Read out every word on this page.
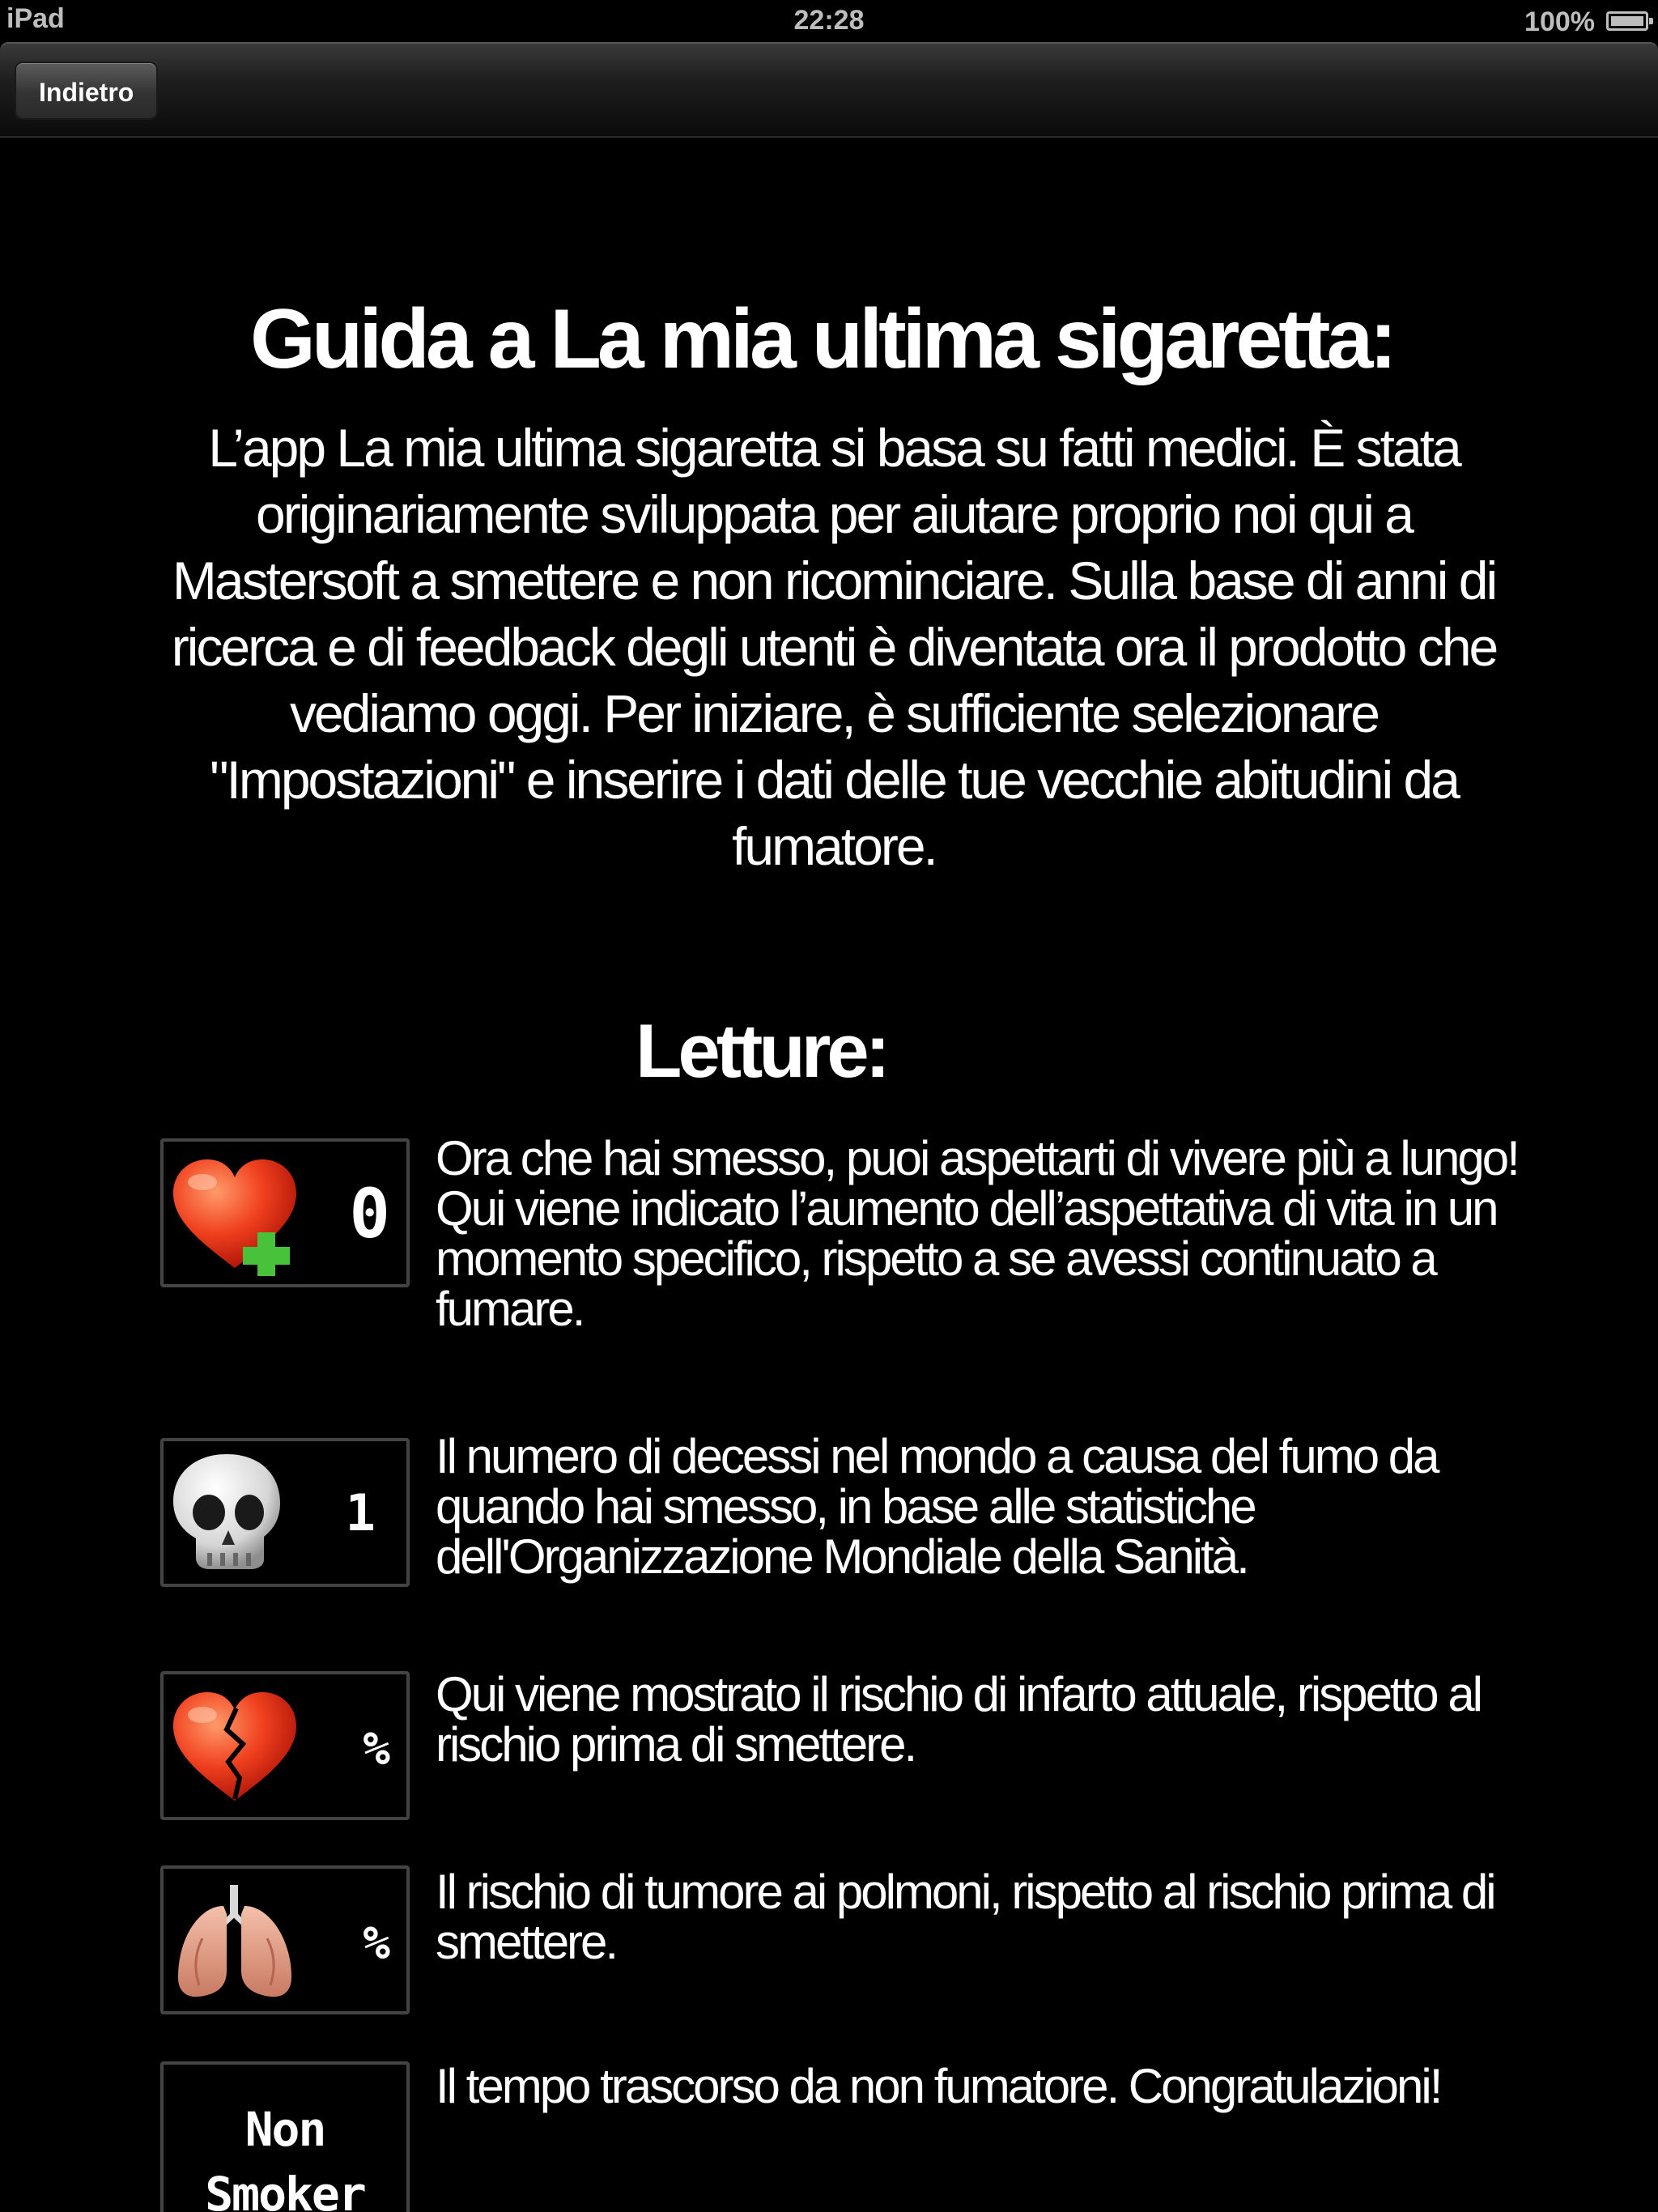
iPad	22:28	100%
Indietro
Guida a La mia ultima sigaretta:
L’app La mia ultima sigaretta si basa su fatti medici. È stata originariamente sviluppata per aiutare proprio noi qui a Mastersoft a smettere e non ricominciare. Sulla base di anni di ricerca e di feedback degli utenti è diventata ora il prodotto che vediamo oggi. Per iniziare, è sufficiente selezionare "Impostazioni" e inserire i dati delle tue vecchie abitudini da fumatore.
Letture:
0
Ora che hai smesso, puoi aspettarti di vivere più a lungo! Qui viene indicato l’aumento dell’aspettativa di vita in un momento specifico, rispetto a se avessi continuato a fumare.
1
Il numero di decessi nel mondo a causa del fumo da quando hai smesso, in base alle statistiche dell'Organizzazione Mondiale della Sanità.
%
Qui viene mostrato il rischio di infarto attuale, rispetto al rischio prima di smettere.
%
Il rischio di tumore ai polmoni, rispetto al rischio prima di smettere.
Non
Smoker
Il tempo trascorso da non fumatore. Congratulazioni!
